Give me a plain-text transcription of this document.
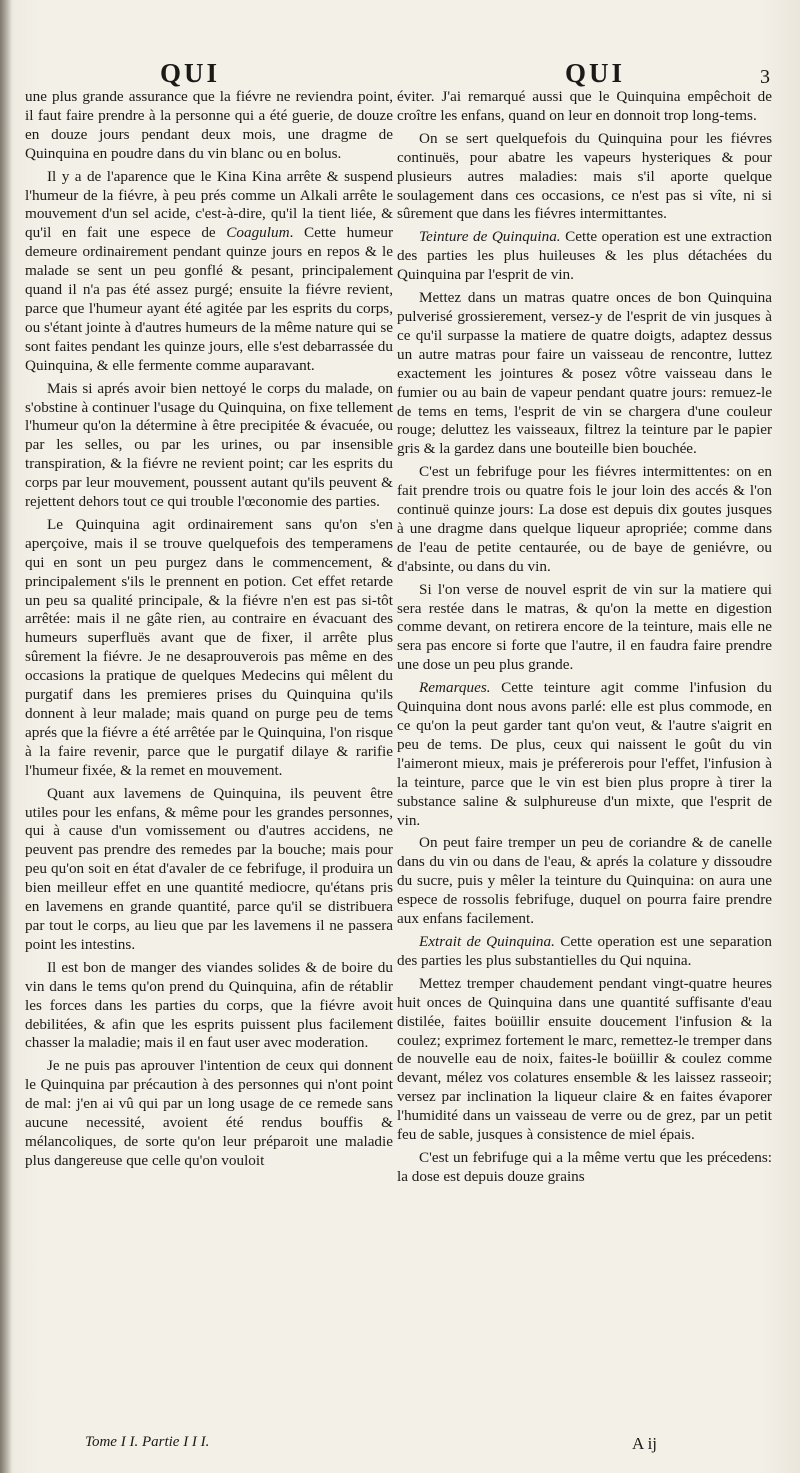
QUI	QUI	3

une plus grande assurance que la fiévre ne reviendra point, il faut faire prendre à la personne qui a été guerie, de douze en douze jours pendant deux mois, une dragme de Quinquina en poudre dans du vin blanc ou en bolus.

Il y a de l'aparence que le Kina Kina arrête & suspend l'humeur de la fiévre, à peu prés comme un Alkali arrête le mouvement d'un sel acide, c'est-à-dire, qu'il la tient liée, & qu'il en fait une espece de Coagulum. Cette humeur demeure ordinairement pendant quinze jours en repos & le malade se sent un peu gonflé & pesant, principalement quand il n'a pas été assez purgé; ensuite la fiévre revient, parce que l'humeur ayant été agitée par les esprits du corps, ou s'étant jointe à d'autres humeurs de la même nature qui se sont faites pendant les quinze jours, elle s'est debarrassée du Quinquina, & elle fermente comme auparavant.

Mais si aprés avoir bien nettoyé le corps du malade, on s'obstine à continuer l'usage du Quinquina, on fixe tellement l'humeur qu'on la détermine à être precipitée & évacuée, ou par les selles, ou par les urines, ou par insensible transpiration, & la fiévre ne revient point; car les esprits du corps par leur mouvement, poussent autant qu'ils peuvent & rejettent dehors tout ce qui trouble l'œconomie des parties.

Le Quinquina agit ordinairement sans qu'on s'en aperçoive, mais il se trouve quelquefois des temperamens qui en sont un peu purgez dans le commencement, & principalement s'ils le prennent en potion. Cet effet retarde un peu sa qualité principale, & la fiévre n'en est pas si-tôt arrêtée: mais il ne gâte rien, au contraire en évacuant des humeurs superfluës avant que de fixer, il arrête plus sûrement la fiévre. Je ne desaprouverois pas même en des occasions la pratique de quelques Medecins qui mêlent du purgatif dans les premieres prises du Quinquina qu'ils donnent à leur malade; mais quand on purge peu de tems aprés que la fiévre a été arrêtée par le Quinquina, l'on risque à la faire revenir, parce que le purgatif dilaye & rarifie l'humeur fixée, & la remet en mouvement.

Quant aux lavemens de Quinquina, ils peuvent être utiles pour les enfans, & même pour les grandes personnes, qui à cause d'un vomissement ou d'autres accidens, ne peuvent pas prendre des remedes par la bouche; mais pour peu qu'on soit en état d'avaler de ce febrifuge, il produira un bien meilleur effet en une quantité mediocre, qu'étans pris en lavemens en grande quantité, parce qu'il se distribuera par tout le corps, au lieu que par les lavemens il ne passera point les intestins.

Il est bon de manger des viandes solides & de boire du vin dans le tems qu'on prend du Quinquina, afin de rétablir les forces dans les parties du corps, que la fiévre avoit debilitées, & afin que les esprits puissent plus facilement chasser la maladie; mais il en faut user avec moderation.

Je ne puis pas aprouver l'intention de ceux qui donnent le Quinquina par précaution à des personnes qui n'ont point de mal: j'en ai vû qui par un long usage de ce remede sans aucune necessité, avoient été rendus bouffis & mélancoliques, de sorte qu'on leur préparoit une maladie plus dangereuse que celle qu'on vouloit

éviter. J'ai remarqué aussi que le Quinquina empêchoit de croître les enfans, quand on leur en donnoit trop long-tems.

On se sert quelquefois du Quinquina pour les fiévres continuës, pour abatre les vapeurs hysteriques & pour plusieurs autres maladies: mais s'il aporte quelque soulagement dans ces occasions, ce n'est pas si vîte, ni si sûrement que dans les fiévres intermittantes.

Teinture de Quinquina. Cette operation est une extraction des parties les plus huileuses & les plus détachées du Quinquina par l'esprit de vin.

Mettez dans un matras quatre onces de bon Quinquina pulverisé grossierement, versez-y de l'esprit de vin jusques à ce qu'il surpasse la matiere de quatre doigts, adaptez dessus un autre matras pour faire un vaisseau de rencontre, luttez exactement les jointures & posez vôtre vaisseau dans le fumier ou au bain de vapeur pendant quatre jours: remuez-le de tems en tems, l'esprit de vin se chargera d'une couleur rouge; deluttez les vaisseaux, filtrez la teinture par le papier gris & la gardez dans une bouteille bien bouchée.

C'est un febrifuge pour les fiévres intermittentes: on en fait prendre trois ou quatre fois le jour loin des accés & l'on continuë quinze jours: La dose est depuis dix goutes jusques à une dragme dans quelque liqueur apropriée; comme dans de l'eau de petite centaurée, ou de baye de geniévre, ou d'absinte, ou dans du vin.

Si l'on verse de nouvel esprit de vin sur la matiere qui sera restée dans le matras, & qu'on la mette en digestion comme devant, on retirera encore de la teinture, mais elle ne sera pas encore si forte que l'autre, il en faudra faire prendre une dose un peu plus grande.

Remarques. Cette teinture agit comme l'infusion du Quinquina dont nous avons parlé: elle est plus commode, en ce qu'on la peut garder tant qu'on veut, & l'autre s'aigrit en peu de tems. De plus, ceux qui naissent le goût du vin l'aimeront mieux, mais je préfererois pour l'effet, l'infusion à la teinture, parce que le vin est bien plus propre à tirer la substance saline & sulphureuse d'un mixte, que l'esprit de vin.

On peut faire tremper un peu de coriandre & de canelle dans du vin ou dans de l'eau, & aprés la colature y dissoudre du sucre, puis y mêler la teinture du Quinquina: on aura une espece de rossolis febrifuge, duquel on pourra faire prendre aux enfans facilement.

Extrait de Quinquina. Cette operation est une separation des parties les plus substantielles du Qui nquina.

Mettez tremper chaudement pendant vingt-quatre heures huit onces de Quinquina dans une quantité suffisante d'eau distilée, faites boüillir ensuite doucement l'infusion & la coulez; exprimez fortement le marc, remettez-le tremper dans de nouvelle eau de noix, faites-le boüillir & coulez comme devant, mélez vos colatures ensemble & les laissez rasseoir; versez par inclination la liqueur claire & en faites évaporer l'humidité dans un vaisseau de verre ou de grez, par un petit feu de sable, jusques à consistence de miel épais.

C'est un febrifuge qui a la même vertu que les précedens: la dose est depuis douze grains

Tome I I. Partie I I I.	A ij
